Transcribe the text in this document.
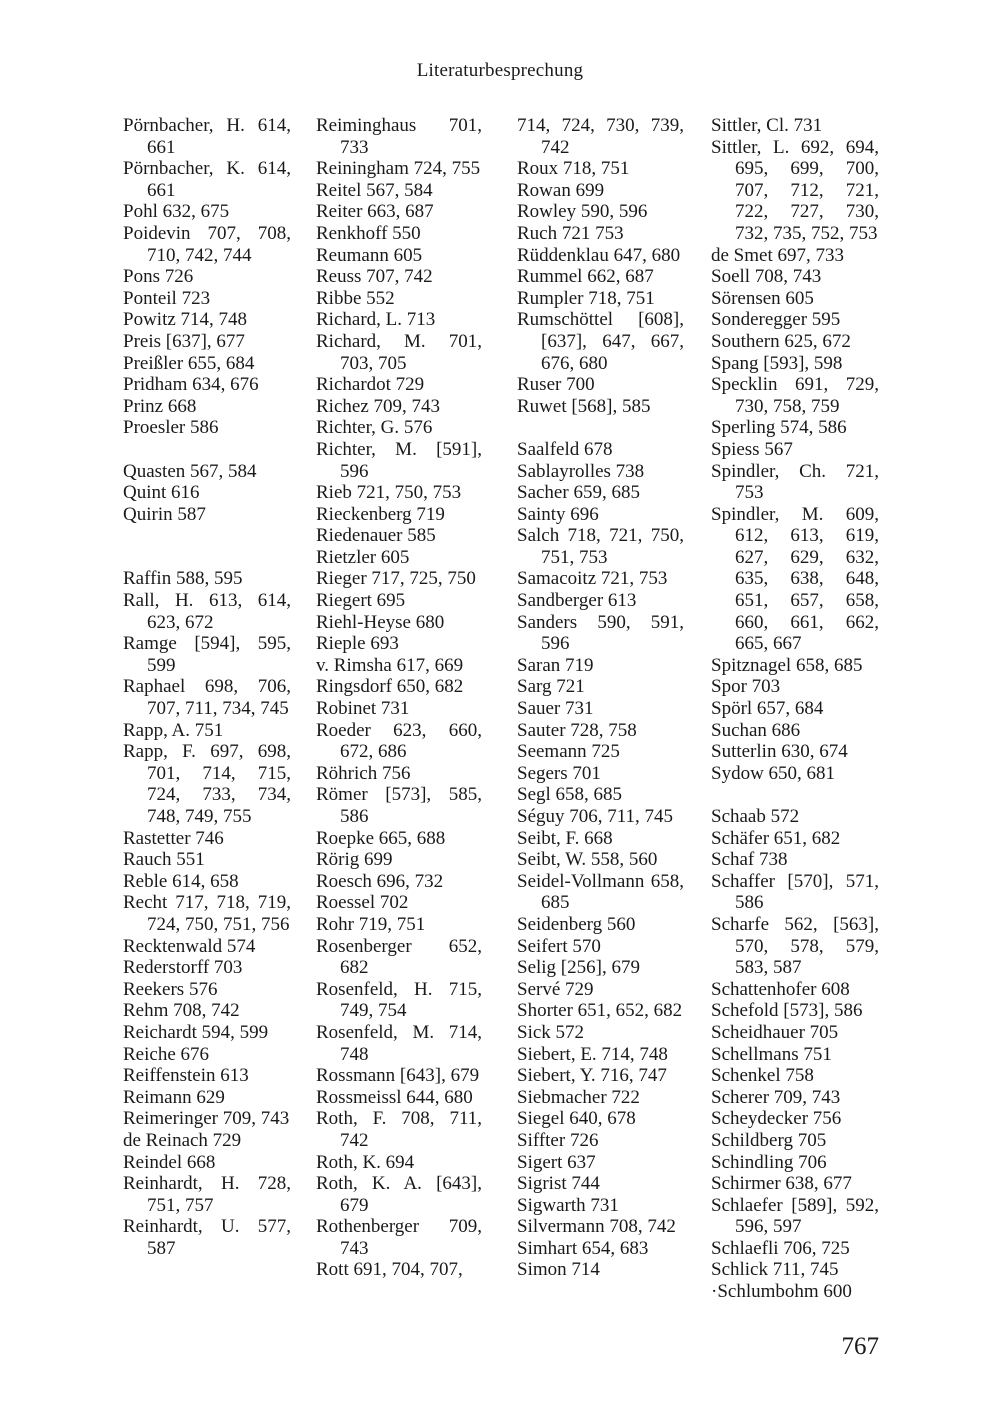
Literaturbesprechung
Pörnbacher, H. 614, 661
Pörnbacher, K. 614, 661
Pohl 632, 675
Poidevin 707, 708, 710, 742, 744
Pons 726
Ponteil 723
Powitz 714, 748
Preis [637], 677
Preißler 655, 684
Pridham 634, 676
Prinz 668
Proesler 586
Quasten 567, 584
Quint 616
Quirin 587
Raffin 588, 595
Rall, H. 613, 614, 623, 672
Ramge [594], 595, 599
Raphael 698, 706, 707, 711, 734, 745
Rapp, A. 751
Rapp, F. 697, 698, 701, 714, 715, 724, 733, 734, 748, 749, 755
Rastetter 746
Rauch 551
Reble 614, 658
Recht 717, 718, 719, 724, 750, 751, 756
Recktenwald 574
Rederstorff 703
Reekers 576
Rehm 708, 742
Reichardt 594, 599
Reiche 676
Reiffenstein 613
Reimann 629
Reimeringer 709, 743
de Reinach 729
Reindel 668
Reinhardt, H. 728, 751, 757
Reinhardt, U. 577, 587
Reiminghaus 701, 733
Reiningham 724, 755
Reitel 567, 584
Reiter 663, 687
Renkhoff 550
Reumann 605
Reuss 707, 742
Ribbe 552
Richard, L. 713
Richard, M. 701, 703, 705
Richardot 729
Richez 709, 743
Richter, G. 576
Richter, M. [591], 596
Rieb 721, 750, 753
Rieckenberg 719
Riedenauer 585
Rietzler 605
Rieger 717, 725, 750
Riegert 695
Riehl-Heyse 680
Rieple 693
v. Rimsha 617, 669
Ringsdorf 650, 682
Robinet 731
Roeder 623, 660, 672, 686
Röhrich 756
Römer [573], 585, 586
Roepke 665, 688
Rörig 699
Roesch 696, 732
Roessel 702
Rohr 719, 751
Rosenberger 652, 682
Rosenfeld, H. 715, 749, 754
Rosenfeld, M. 714, 748
Rossmann [643], 679
Rossmeissl 644, 680
Roth, F. 708, 711, 742
Roth, K. 694
Roth, K. A. [643], 679
Rothenberger 709, 743
Rott 691, 704, 707,
714, 724, 730, 739, 742
Roux 718, 751
Rowan 699
Rowley 590, 596
Ruch 721 753
Rüddenklau 647, 680
Rummel 662, 687
Rumpler 718, 751
Rumschöttel [608], [637], 647, 667, 676, 680
Ruser 700
Ruwet [568], 585
Saalfeld 678
Sablayrolles 738
Sacher 659, 685
Sainty 696
Salch 718, 721, 750, 751, 753
Samacoitz 721, 753
Sandberger 613
Sanders 590, 591, 596
Saran 719
Sarg 721
Sauer 731
Sauter 728, 758
Seemann 725
Segers 701
Segl 658, 685
Séguy 706, 711, 745
Seibt, F. 668
Seibt, W. 558, 560
Seidel-Vollmann 658, 685
Seidenberg 560
Seifert 570
Selig [256], 679
Servé 729
Shorter 651, 652, 682
Sick 572
Siebert, E. 714, 748
Siebert, Y. 716, 747
Siebmacher 722
Siegel 640, 678
Siffter 726
Sigert 637
Sigrist 744
Sigwarth 731
Silvermann 708, 742
Simhart 654, 683
Simon 714
Sittler, Cl. 731
Sittler, L. 692, 694, 695, 699, 700, 707, 712, 721, 722, 727, 730, 732, 735, 752, 753
de Smet 697, 733
Soell 708, 743
Sörensen 605
Sonderegger 595
Southern 625, 672
Spang [593], 598
Specklin 691, 729, 730, 758, 759
Sperling 574, 586
Spiess 567
Spindler, Ch. 721, 753
Spindler, M. 609, 612, 613, 619, 627, 629, 632, 635, 638, 648, 651, 657, 658, 660, 661, 662, 665, 667
Spitznagel 658, 685
Spor 703
Spörl 657, 684
Suchan 686
Sutterlin 630, 674
Sydow 650, 681
Schaab 572
Schäfer 651, 682
Schaf 738
Schaffer [570], 571, 586
Scharfe 562, [563], 570, 578, 579, 583, 587
Schattenhofer 608
Schefold [573], 586
Scheidhauer 705
Schellmans 751
Schenkel 758
Scherer 709, 743
Scheydecker 756
Schildberg 705
Schindling 706
Schirmer 638, 677
Schlaefer [589], 592, 596, 597
Schlaefli 706, 725
Schlick 711, 745
·Schlumbohm 600
767
